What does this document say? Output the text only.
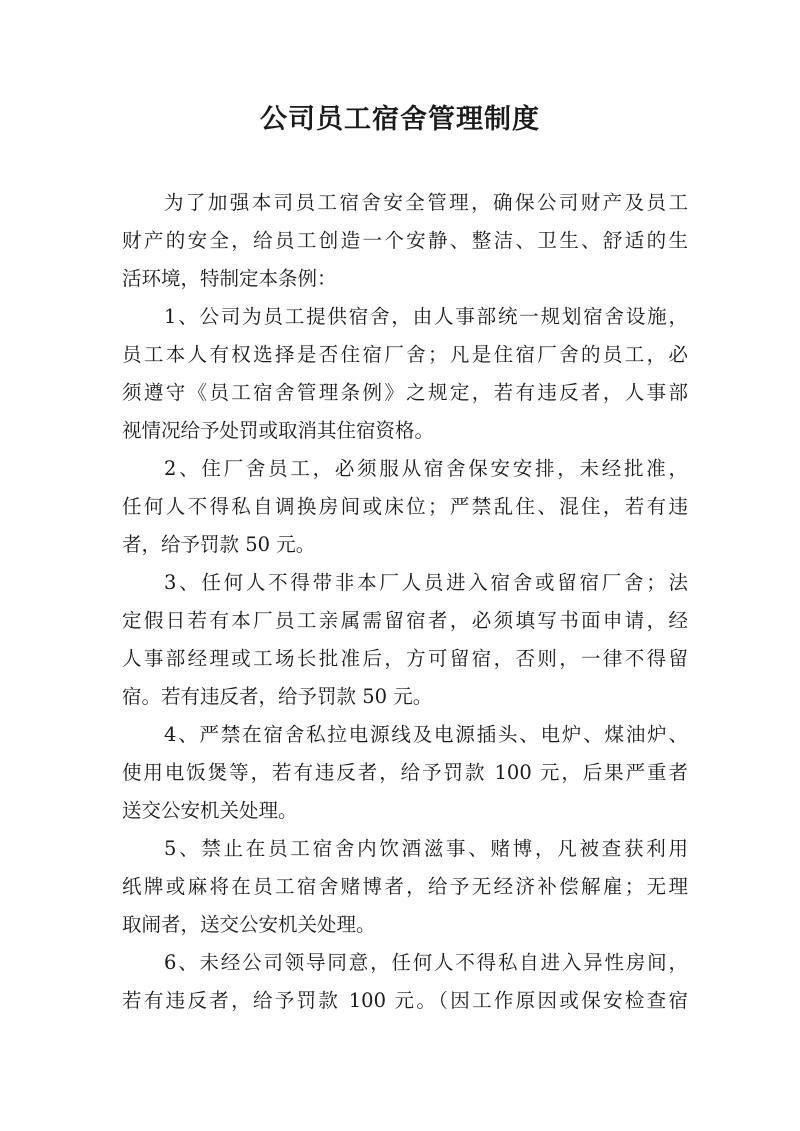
公司员工宿舍管理制度
为了加强本司员工宿舍安全管理，确保公司财产及员工
财产的安全，给员工创造一个安静、整洁、卫生、舒适的生
活环境，特制定本条例：
1、公司为员工提供宿舍，由人事部统一规划宿舍设施，
员工本人有权选择是否住宿厂舍；凡是住宿厂舍的员工，必
须遵守《员工宿舍管理条例》之规定，若有违反者，人事部
视情况给予处罚或取消其住宿资格。
2、住厂舍员工，必须服从宿舍保安安排，未经批准，
任何人不得私自调换房间或床位；严禁乱住、混住，若有违
者，给予罚款 50 元。
3、任何人不得带非本厂人员进入宿舍或留宿厂舍；法
定假日若有本厂员工亲属需留宿者，必须填写书面申请，经
人事部经理或工场长批准后，方可留宿，否则，一律不得留
宿。若有违反者，给予罚款 50 元。
4、严禁在宿舍私拉电源线及电源插头、电炉、煤油炉、
使用电饭煲等，若有违反者，给予罚款 100 元，后果严重者
送交公安机关处理。
5、禁止在员工宿舍内饮酒滋事、赌博，凡被查获利用
纸牌或麻将在员工宿舍赌博者，给予无经济补偿解雇；无理
取闹者，送交公安机关处理。
6、未经公司领导同意，任何人不得私自进入异性房间，
若有违反者，给予罚款 100 元。（因工作原因或保安检查宿
